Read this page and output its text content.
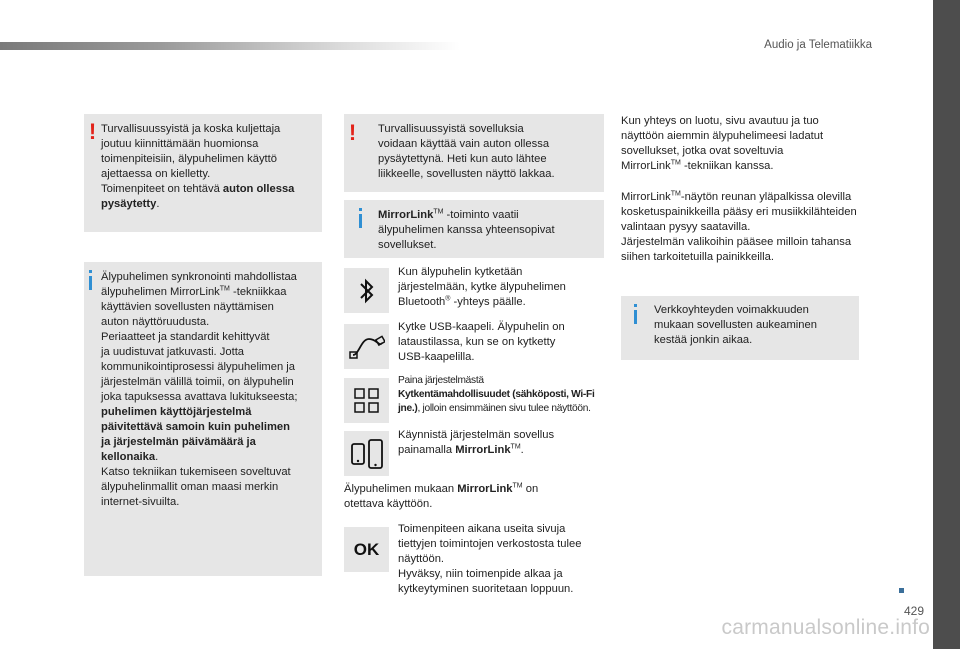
Audio ja Telematiikka
! Turvallisuussyistä ja koska kuljettaja
joutuu kiinnittämään huomionsa
toimenpiteisiin, älypuhelimen käyttö
ajettaessa on kielletty.
Toimenpiteet on tehtävä auton ollessa
pysäytetty.
Älypuhelimen synkronointi mahdollistaa
älypuhelimen MirrorLink™ -tekniikkaa
käyttävien sovellusten näyttämisen
auton näyttöruudusta.
Periaatteet ja standardit kehittyvät
ja uudistuvat jatkuvasti. Jotta
kommunikointiprosessi älypuhelimen ja
järjestelmän välillä toimii, on älypuhelin
joka tapuksessa avattava lukitukseesta;
puhelimen käyttöjärjestelmä
päivitettävä samoin kuin puhelimen
ja järjestelmän päivämäärä ja
kellonaika.
Katso tekniikan tukemiseen soveltuvat
älypuhelinmallit oman maasi merkin
internet-sivuilta.
!	Turvallisuussyistä sovelluksia
voidaan käyttää vain auton ollessa
pysäytettynä. Heti kun auto lähtee
liikkeelle, sovellusten näyttö lakkaa.
MirrorLink™ -toiminto vaatii
älypuhelimen kanssa yhteensopivat
sovellukset.
Kun älypuhelin kytketään
järjestelmään, kytke älypuhelimen
Bluetooth® -yhteys päälle.
Kytke USB-kaapeli. Älypuhelin on
lataustilassa, kun se on kytketty
USB-kaapelilla.
Paina järjestelmästä
Kytkentämahdollisuudet (sähköposti, Wi-Fi
jne.), jolloin ensimmäinen sivu tulee näyttöön.
Käynnistä järjestelmän sovellus
painamalla MirrorLink™.
Älypuhelimen mukaan MirrorLink™ on
otettava käyttöön.
OK
Toimenpiteen aikana useita sivuja
tiettyjen toimintojen verkostosta tulee
näyttöön.
Hyväksy, niin toimenpide alkaa ja
kytkeytyminen suoritetaan loppuun.
Kun yhteys on luotu, sivu avautuu ja tuo
näyttöön aiemmin älypuhelimeesi ladatut
sovellukset, jotka ovat soveltuvia
MirrorLink™ -tekniikan kanssa.
MirrorLink™-näytön reunan yläpalkissa olevilla
kosketuspainikkeilla pääsy eri musiikkilähteiden
valintaan pysyy saatavilla.
Järjestelmän valikoihin pääsee milloin tahansa
siihen tarkoitetuilla painikkeilla.
Verkkoyhteyden voimakkuuden
mukaan sovellusten aukeaminen
kestää jonkin aikaa.
429
carmanualsonline.info
